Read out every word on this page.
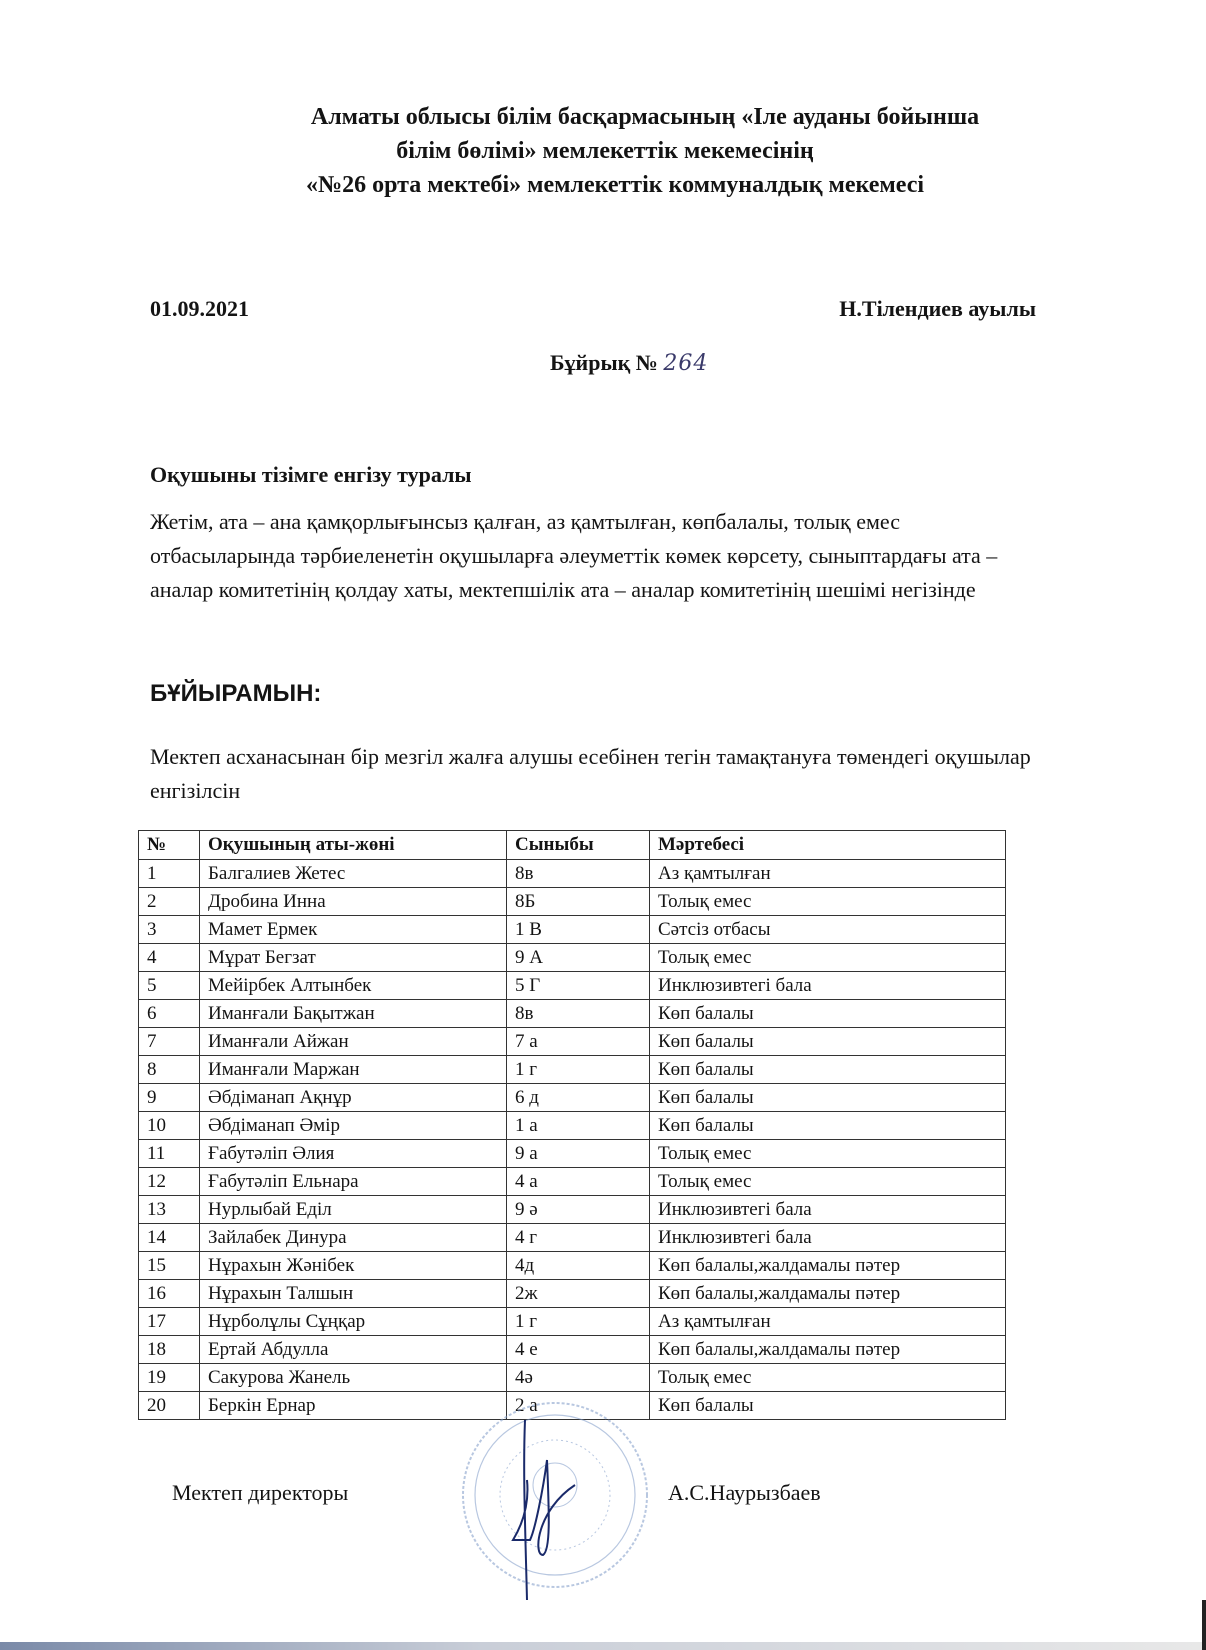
Алматы облысы білім басқармасының «Іле ауданы бойынша
білім бөлімі» мемлекеттік мекемесінің
«№26 орта мектебі» мемлекеттік коммуналдық мекемесі
01.09.2021	Н.Тілендиев ауылы
Бұйрық № 264
Оқушыны тізімге енгізу туралы
Жетім, ата – ана қамқорлығынсыз қалған, аз қамтылған, көпбалалы, толық емес отбасыларында тәрбиеленетін оқушыларға әлеуметтік көмек көрсету, сыныптардағы ата – аналар комитетінің қолдау хаты, мектепшілік ата – аналар комитетінің шешімі негізінде
БҰЙЫРАМЫН:
Мектеп асханасынан бір мезгіл жалға алушы есебінен тегін тамақтануға төмендегі оқушылар енгізілсін
№	Оқушының аты-жөні	Сыныбы	Мәртебесі
1	Балгалиев Жетес	8в	Аз қамтылған
2	Дробина Инна	8Б	Толық емес
3	Мамет Ермек	1 В	Сәтсіз отбасы
4	Мұрат Бегзат	9 А	Толық емес
5	Мейірбек Алтынбек	5 Г	Инклюзивтегі бала
6	Иманғали Бақытжан	8в	Көп балалы
7	Иманғали Айжан	7 а	Көп балалы
8	Иманғали Маржан	1 г	Көп балалы
9	Әбдіманап Ақнұр	6 д	Көп балалы
10	Әбдіманап Әмір	1 а	Көп балалы
11	Ғабутәліп Әлия	9 а	Толық емес
12	Ғабутәліп Ельнара	4 а	Толық емес
13	Нурлыбай Еділ	9 ә	Инклюзивтегі бала
14	Зайлабек Динура	4 г	Инклюзивтегі бала
15	Нұрахын Жәнібек	4д	Көп балалы,жалдамалы пәтер
16	Нұрахын Талшын	2ж	Көп балалы,жалдамалы пәтер
17	Нұрболұлы Сұңқар	1 г	Аз қамтылған
18	Ертай Абдулла	4 е	Көп балалы,жалдамалы пәтер
19	Сакурова Жанель	4ә	Толық емес
20	Беркін Ернар	2 а	Көп балалы
Мектеп директоры	А.С.Наурызбаев
